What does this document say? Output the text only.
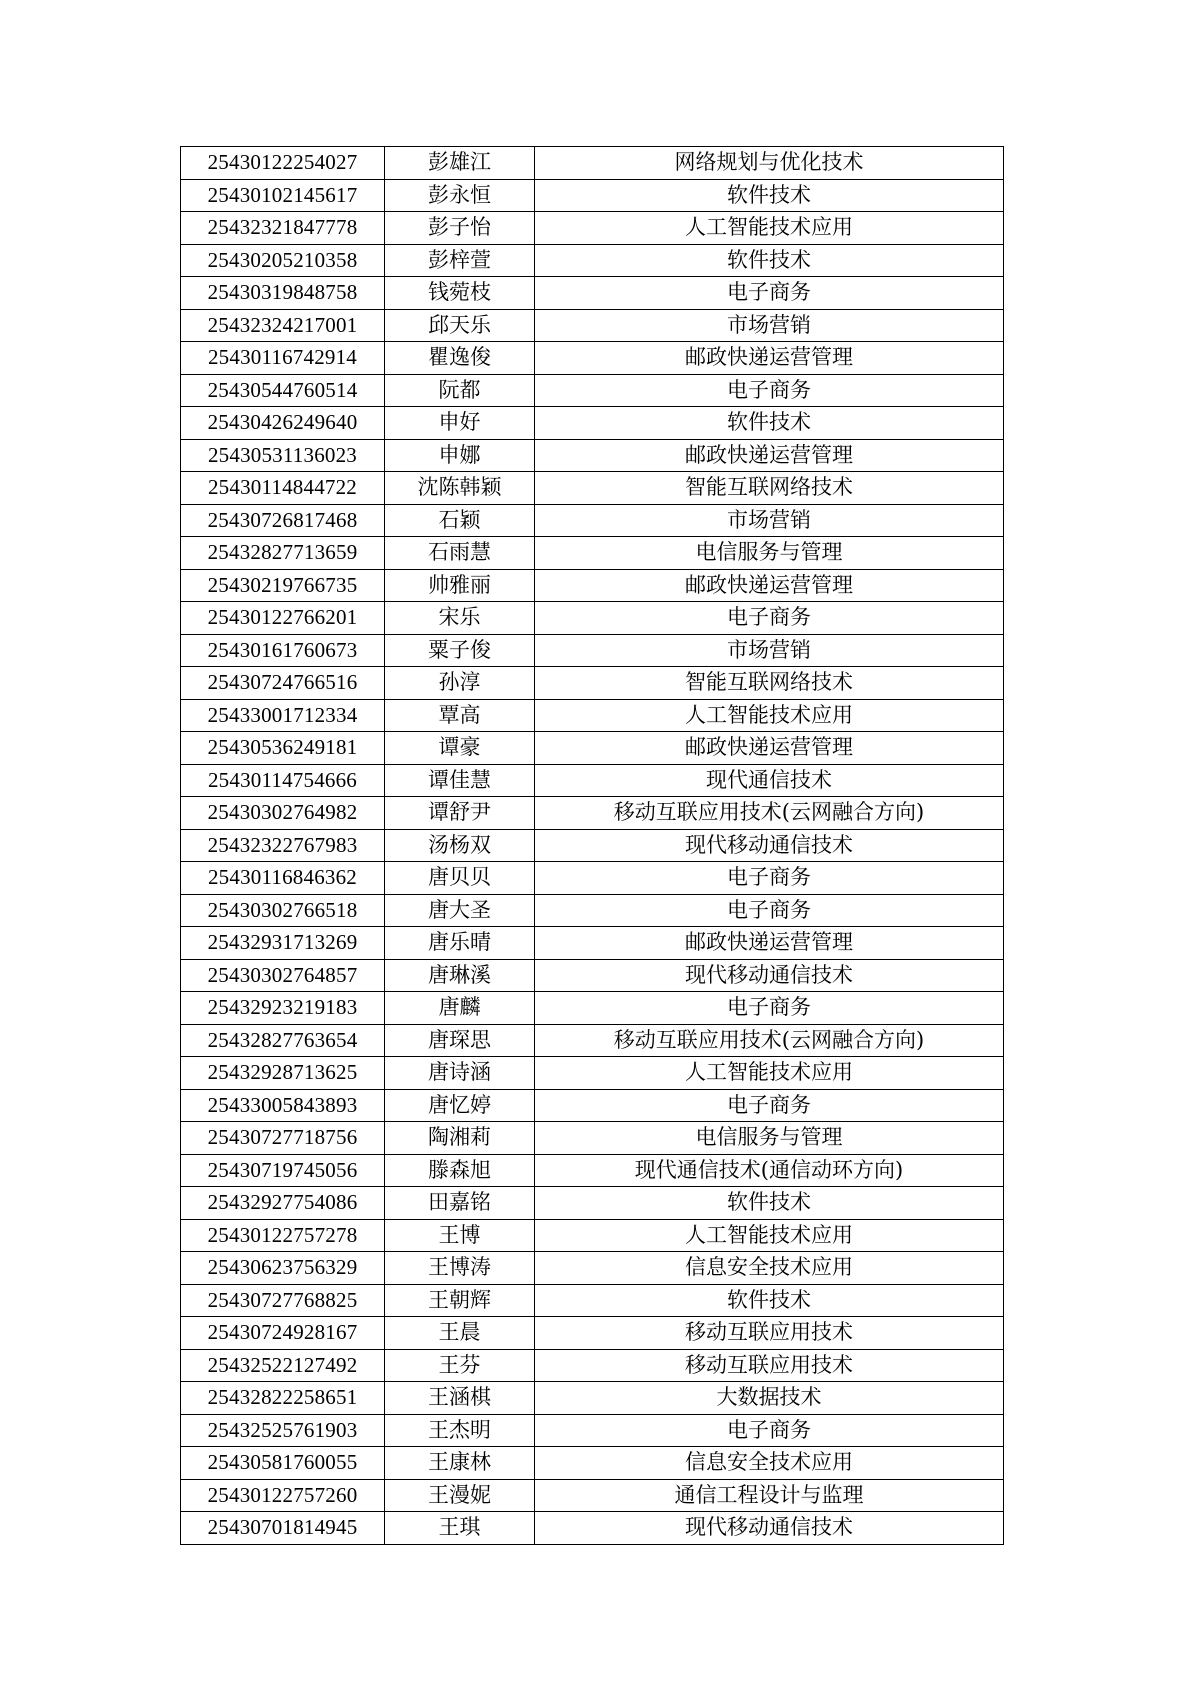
25430122254027	彭雄江	网络规划与优化技术
25430102145617	彭永恒	软件技术
25432321847778	彭子怡	人工智能技术应用
25430205210358	彭梓萱	软件技术
25430319848758	钱菀枝	电子商务
25432324217001	邱天乐	市场营销
25430116742914	瞿逸俊	邮政快递运营管理
25430544760514	阮都	电子商务
25430426249640	申好	软件技术
25430531136023	申娜	邮政快递运营管理
25430114844722	沈陈韩颖	智能互联网络技术
25430726817468	石颖	市场营销
25432827713659	石雨慧	电信服务与管理
25430219766735	帅雅丽	邮政快递运营管理
25430122766201	宋乐	电子商务
25430161760673	粟子俊	市场营销
25430724766516	孙淳	智能互联网络技术
25433001712334	覃高	人工智能技术应用
25430536249181	谭豪	邮政快递运营管理
25430114754666	谭佳慧	现代通信技术
25430302764982	谭舒尹	移动互联应用技术(云网融合方向)
25432322767983	汤杨双	现代移动通信技术
25430116846362	唐贝贝	电子商务
25430302766518	唐大圣	电子商务
25432931713269	唐乐晴	邮政快递运营管理
25430302764857	唐琳溪	现代移动通信技术
25432923219183	唐麟	电子商务
25432827763654	唐琛思	移动互联应用技术(云网融合方向)
25432928713625	唐诗涵	人工智能技术应用
25433005843893	唐忆婷	电子商务
25430727718756	陶湘莉	电信服务与管理
25430719745056	滕森旭	现代通信技术(通信动环方向)
25432927754086	田嘉铭	软件技术
25430122757278	王博	人工智能技术应用
25430623756329	王博涛	信息安全技术应用
25430727768825	王朝辉	软件技术
25430724928167	王晨	移动互联应用技术
25432522127492	王芬	移动互联应用技术
25432822258651	王涵棋	大数据技术
25432525761903	王杰明	电子商务
25430581760055	王康林	信息安全技术应用
25430122757260	王漫妮	通信工程设计与监理
25430701814945	王琪	现代移动通信技术
